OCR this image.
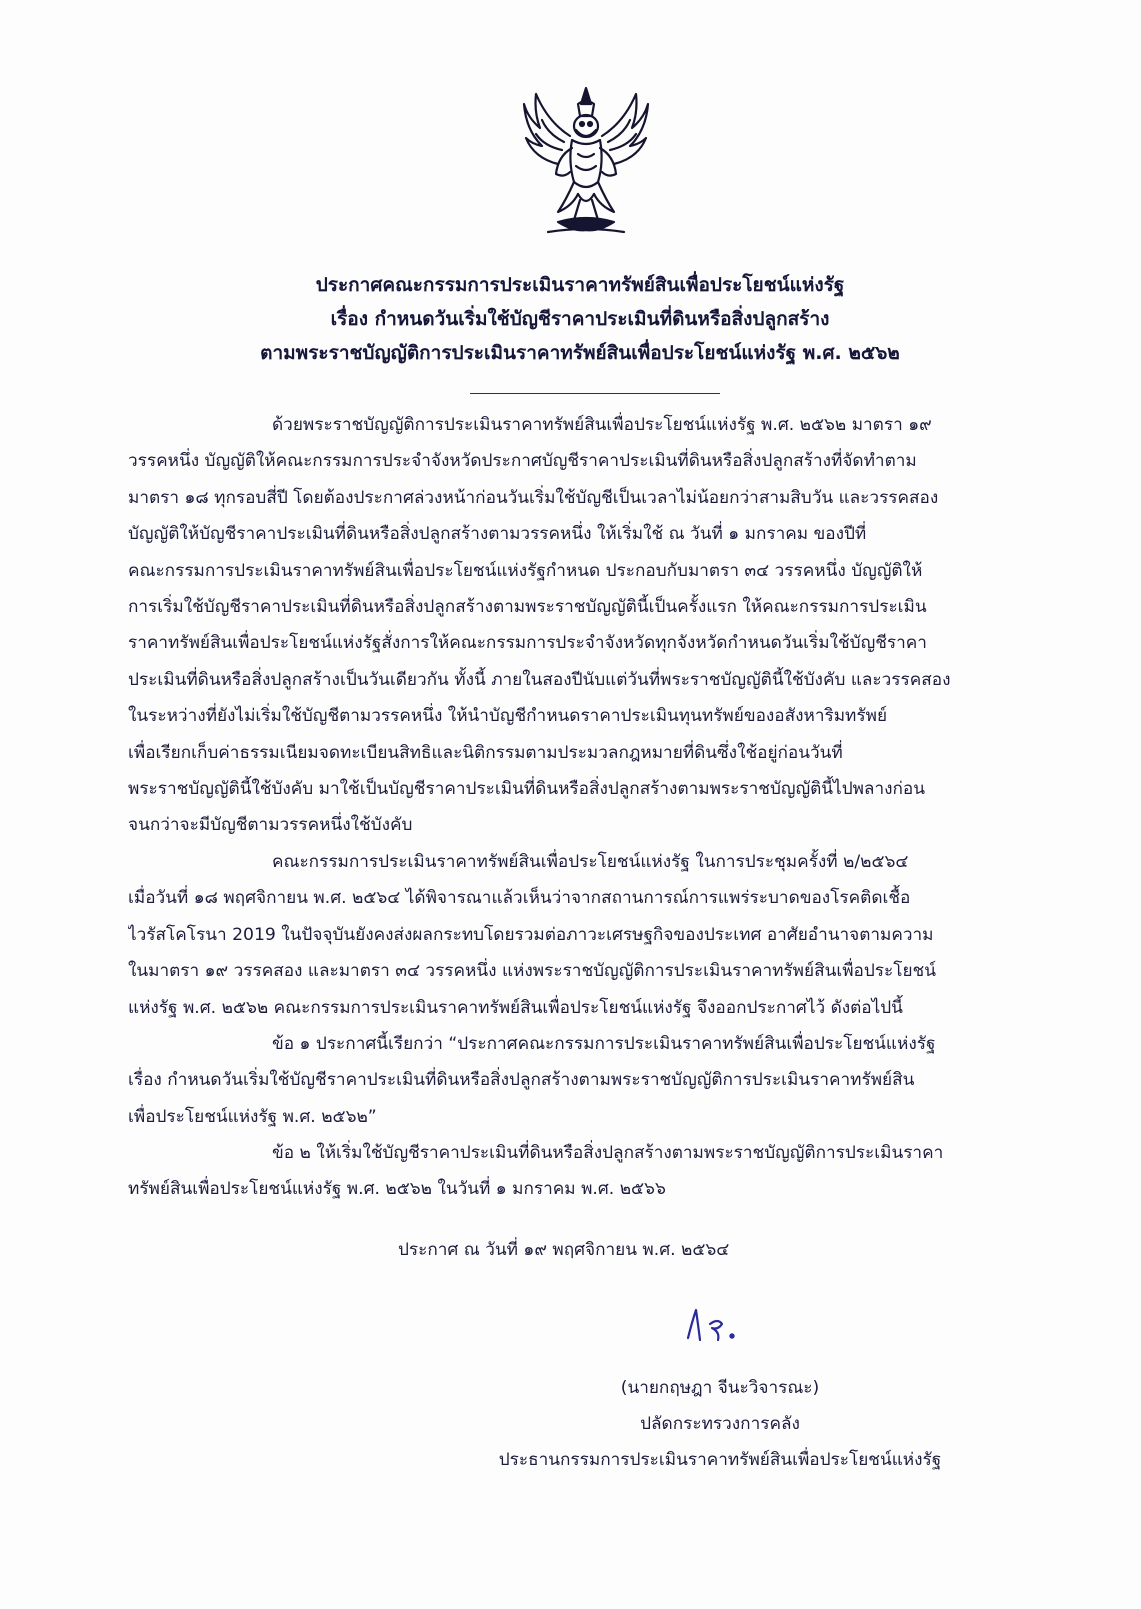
ประกาศคณะกรรมการประเมินราคาทรัพย์สินเพื่อประโยชน์แห่งรัฐ
เรื่อง กำหนดวันเริ่มใช้บัญชีราคาประเมินที่ดินหรือสิ่งปลูกสร้าง
ตามพระราชบัญญัติการประเมินราคาทรัพย์สินเพื่อประโยชน์แห่งรัฐ พ.ศ. ๒๕๖๒
ด้วยพระราชบัญญัติการประเมินราคาทรัพย์สินเพื่อประโยชน์แห่งรัฐ พ.ศ. ๒๕๖๒ มาตรา ๑๙
วรรคหนึ่ง บัญญัติให้คณะกรรมการประจำจังหวัดประกาศบัญชีราคาประเมินที่ดินหรือสิ่งปลูกสร้างที่จัดทำตาม
มาตรา ๑๘ ทุกรอบสี่ปี โดยต้องประกาศล่วงหน้าก่อนวันเริ่มใช้บัญชีเป็นเวลาไม่น้อยกว่าสามสิบวัน และวรรคสอง
บัญญัติให้บัญชีราคาประเมินที่ดินหรือสิ่งปลูกสร้างตามวรรคหนึ่ง ให้เริ่มใช้ ณ วันที่ ๑ มกราคม ของปีที่
คณะกรรมการประเมินราคาทรัพย์สินเพื่อประโยชน์แห่งรัฐกำหนด ประกอบกับมาตรา ๓๔ วรรคหนึ่ง บัญญัติให้
การเริ่มใช้บัญชีราคาประเมินที่ดินหรือสิ่งปลูกสร้างตามพระราชบัญญัตินี้เป็นครั้งแรก ให้คณะกรรมการประเมิน
ราคาทรัพย์สินเพื่อประโยชน์แห่งรัฐสั่งการให้คณะกรรมการประจำจังหวัดทุกจังหวัดกำหนดวันเริ่มใช้บัญชีราคา
ประเมินที่ดินหรือสิ่งปลูกสร้างเป็นวันเดียวกัน ทั้งนี้ ภายในสองปีนับแต่วันที่พระราชบัญญัตินี้ใช้บังคับ และวรรคสอง
ในระหว่างที่ยังไม่เริ่มใช้บัญชีตามวรรคหนึ่ง ให้นำบัญชีกำหนดราคาประเมินทุนทรัพย์ของอสังหาริมทรัพย์
เพื่อเรียกเก็บค่าธรรมเนียมจดทะเบียนสิทธิและนิติกรรมตามประมวลกฎหมายที่ดินซึ่งใช้อยู่ก่อนวันที่
พระราชบัญญัตินี้ใช้บังคับ มาใช้เป็นบัญชีราคาประเมินที่ดินหรือสิ่งปลูกสร้างตามพระราชบัญญัตินี้ไปพลางก่อน
จนกว่าจะมีบัญชีตามวรรคหนึ่งใช้บังคับ
คณะกรรมการประเมินราคาทรัพย์สินเพื่อประโยชน์แห่งรัฐ ในการประชุมครั้งที่ ๒/๒๕๖๔
เมื่อวันที่ ๑๘ พฤศจิกายน พ.ศ. ๒๕๖๔ ได้พิจารณาแล้วเห็นว่าจากสถานการณ์การแพร่ระบาดของโรคติดเชื้อ
ไวรัสโคโรนา 2019 ในปัจจุบันยังคงส่งผลกระทบโดยรวมต่อภาวะเศรษฐกิจของประเทศ อาศัยอำนาจตามความ
ในมาตรา ๑๙ วรรคสอง และมาตรา ๓๔ วรรคหนึ่ง แห่งพระราชบัญญัติการประเมินราคาทรัพย์สินเพื่อประโยชน์
แห่งรัฐ พ.ศ. ๒๕๖๒ คณะกรรมการประเมินราคาทรัพย์สินเพื่อประโยชน์แห่งรัฐ จึงออกประกาศไว้ ดังต่อไปนี้
ข้อ ๑ ประกาศนี้เรียกว่า “ประกาศคณะกรรมการประเมินราคาทรัพย์สินเพื่อประโยชน์แห่งรัฐ
เรื่อง กำหนดวันเริ่มใช้บัญชีราคาประเมินที่ดินหรือสิ่งปลูกสร้างตามพระราชบัญญัติการประเมินราคาทรัพย์สิน
เพื่อประโยชน์แห่งรัฐ พ.ศ. ๒๕๖๒”
ข้อ ๒ ให้เริ่มใช้บัญชีราคาประเมินที่ดินหรือสิ่งปลูกสร้างตามพระราชบัญญัติการประเมินราคา
ทรัพย์สินเพื่อประโยชน์แห่งรัฐ พ.ศ. ๒๕๖๒ ในวันที่ ๑ มกราคม พ.ศ. ๒๕๖๖
ประกาศ ณ วันที่ ๑๙ พฤศจิกายน พ.ศ. ๒๕๖๔
(นายกฤษฎา จีนะวิจารณะ)
ปลัดกระทรวงการคลัง
ประธานกรรมการประเมินราคาทรัพย์สินเพื่อประโยชน์แห่งรัฐ
